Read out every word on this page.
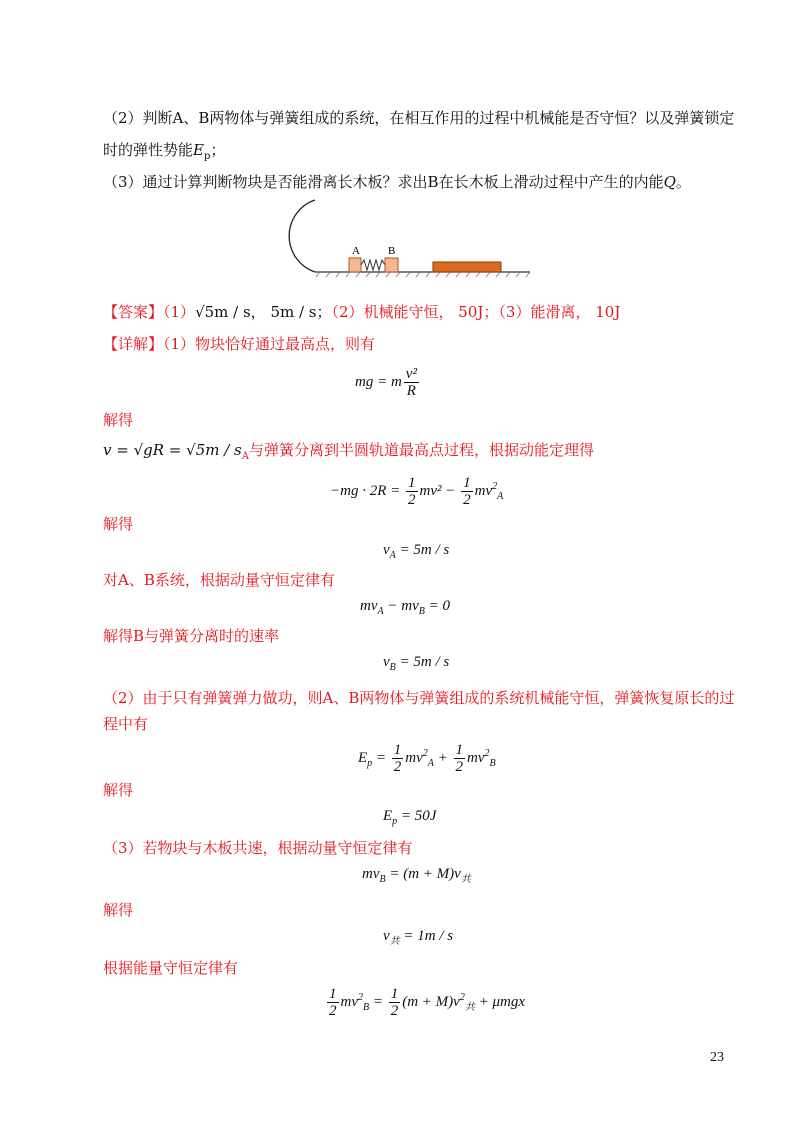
（2）判断A、B两物体与弹簧组成的系统，在相互作用的过程中机械能是否守恒？以及弹簧锁定
时的弹性势能$E_p$；
（3）通过计算判断物块是否能滑离长木板？求出B在长木板上滑动过程中产生的内能Q。
A	B
【答案】（1）√5m / s， 5m / s；（2）机械能守恒， 50J；（3）能滑离， 10J
【详解】（1）物块恰好通过最高点，则有
mg = m $\frac{\text{v²}}{R}$
解得
$v = √gR = √5m / s_A$与弹簧分离到半圆轨道最高点过程，根据动能定理得
$-mg \cdot 2R = \frac{1}{2} mv^2 - \frac{1}{2} mv^2_A$
解得
$v_A = 5m / s$
对A、B系统，根据动量守恒定律有
$mv_A - mv_B = 0$
解得B与弹簧分离时的速率
$v_B = 5m / s$
（2）由于只有弹簧弹力做功，则A、B两物体与弹簧组成的系统机械能守恒，弹簧恢复原长的过
程中有
$E_p = \frac{1}{2} mv^2_A + \frac{1}{2} mv^2_B$
解得
$E_p = 50J$
（3）若物块与木板共速，根据动量守恒定律有
$mv_B = (m + M)v_共$
解得
$v_共 = 1m / s$
根据能量守恒定律有
$\frac{1}{2} mv^2_B = \frac{1}{2} (m + M)v^2_共 + \mu mgx$
23
